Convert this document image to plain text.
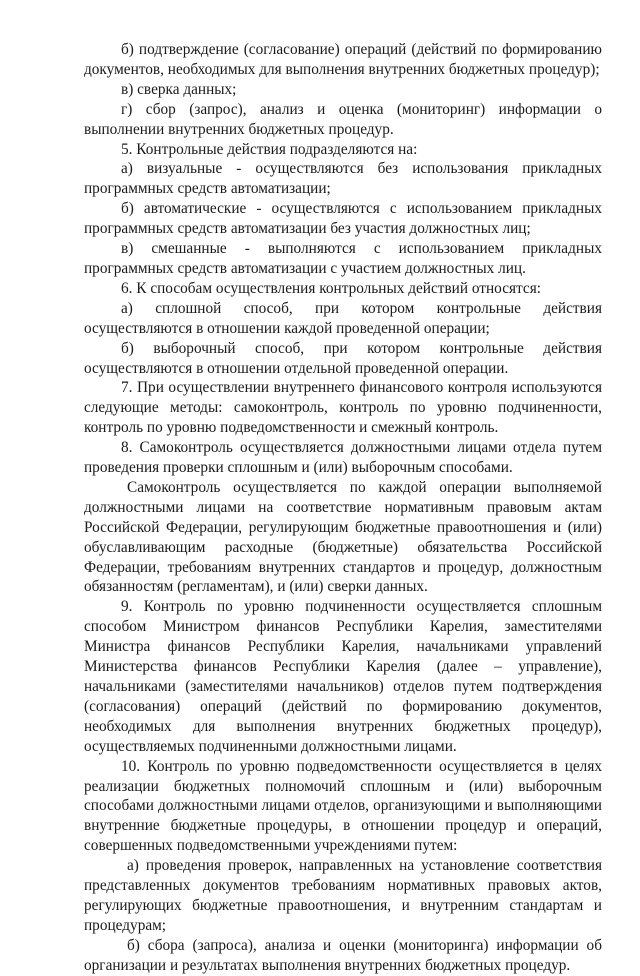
б) подтверждение (согласование) операций (действий по формированию документов, необходимых для выполнения внутренних бюджетных процедур);

в) сверка данных;

г) сбор (запрос), анализ и оценка (мониторинг) информации о выполнении внутренних бюджетных процедур.

5. Контрольные действия подразделяются на:

а) визуальные - осуществляются без использования прикладных программных средств автоматизации;

б) автоматические - осуществляются с использованием прикладных программных средств автоматизации без участия должностных лиц;

в) смешанные - выполняются с использованием прикладных программных средств автоматизации с участием должностных лиц.

6. К способам осуществления контрольных действий относятся:

а) сплошной способ, при котором контрольные действия осуществляются в отношении каждой проведенной операции;

б) выборочный способ, при котором контрольные действия осуществляются в отношении отдельной проведенной операции.

7. При осуществлении внутреннего финансового контроля используются следующие методы: самоконтроль, контроль по уровню подчиненности, контроль по уровню подведомственности и смежный контроль.

8. Самоконтроль осуществляется должностными лицами отдела путем проведения проверки сплошным и (или) выборочным способами.

Самоконтроль осуществляется по каждой операции выполняемой должностными лицами на соответствие нормативным правовым актам Российской Федерации, регулирующим бюджетные правоотношения и (или) обуславливающим расходные (бюджетные) обязательства Российской Федерации, требованиям внутренних стандартов и процедур, должностным обязанностям (регламентам), и (или) сверки данных.

9. Контроль по уровню подчиненности осуществляется сплошным способом Министром финансов Республики Карелия, заместителями Министра финансов Республики Карелия, начальниками управлений Министерства финансов Республики Карелия (далее – управление), начальниками (заместителями начальников) отделов путем подтверждения (согласования) операций (действий по формированию документов, необходимых для выполнения внутренних бюджетных процедур), осуществляемых подчиненными должностными лицами.

10. Контроль по уровню подведомственности осуществляется в целях реализации бюджетных полномочий сплошным и (или) выборочным способами должностными лицами отделов, организующими и выполняющими внутренние бюджетные процедуры, в отношении процедур и операций, совершенных подведомственными учреждениями путем:

а) проведения проверок, направленных на установление соответствия представленных документов требованиям нормативных правовых актов, регулирующих бюджетные правоотношения, и внутренним стандартам и процедурам;

б) сбора (запроса), анализа и оценки (мониторинга) информации об организации и результатах выполнения внутренних бюджетных процедур.
